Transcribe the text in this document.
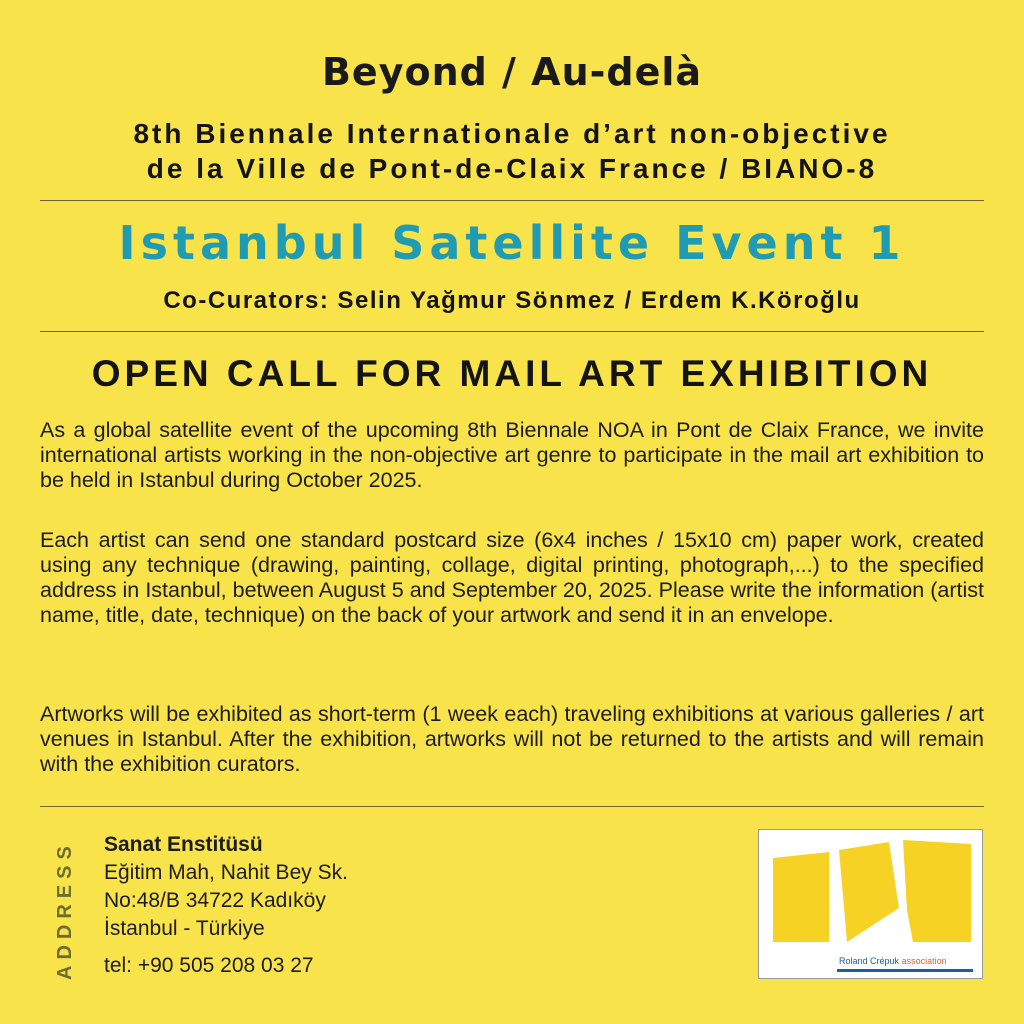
Beyond / Au-delà
8th Biennale Internationale d’art non-objective
de la Ville de Pont-de-Claix France / BIANO-8
Istanbul Satellite Event 1
Co-Curators: Selin Yağmur Sönmez / Erdem K.Köroğlu
OPEN CALL FOR MAIL ART EXHIBITION
As a global satellite event of the upcoming 8th Biennale NOA in Pont de Claix France, we invite international artists working in the non-objective art genre to participate in the mail art exhibition to be held in Istanbul during October 2025.
Each artist can send one standard postcard size (6x4 inches / 15x10 cm) paper work, created using any technique (drawing, painting, collage, digital printing, photograph,...) to the specified address in Istanbul, between August 5 and September 20, 2025. Please write the information (artist name, title, date, technique) on the back of your artwork and send it in an envelope.
Artworks will be exhibited as short-term (1 week each) traveling exhibitions at various galleries / art venues in Istanbul. After the exhibition, artworks will not be returned to the artists and will remain with the exhibition curators.
ADDRESS Sanat Enstitüsü
Eğitim Mah, Nahit Bey Sk.
No:48/B 34722 Kadıköy
İstanbul - Türkiye
tel: +90 505 208 03 27	Roland Crépuk association
